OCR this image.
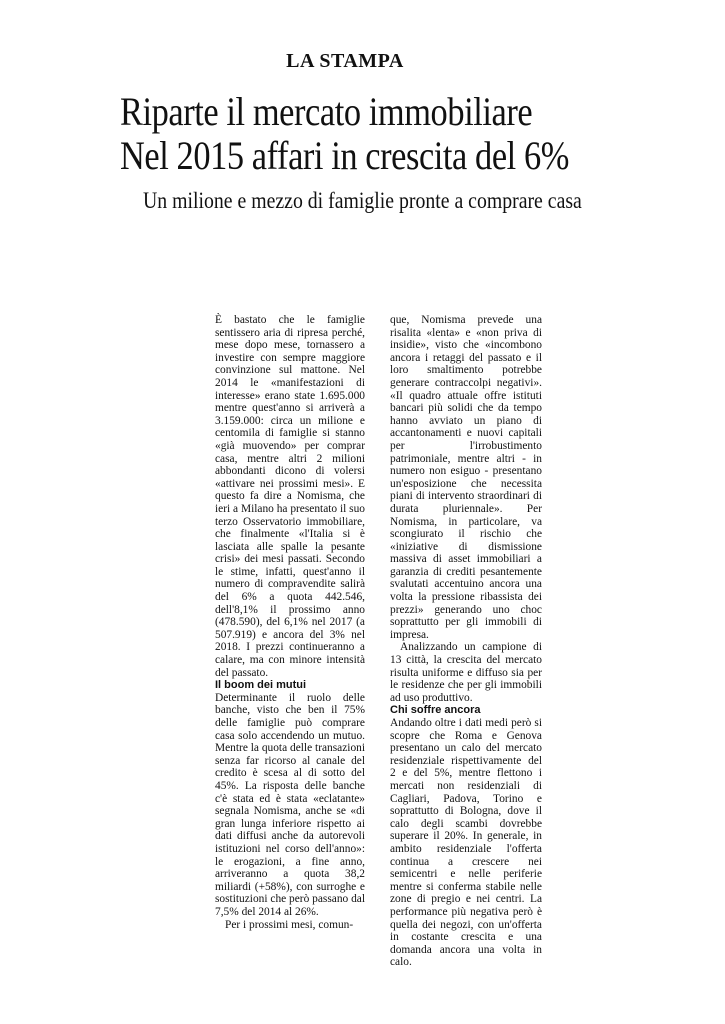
LA STAMPA
Riparte il mercato immobiliare
Nel 2015 affari in crescita del 6%
Un milione e mezzo di famiglie pronte a comprare casa

È bastato che le famiglie sentissero aria di ripresa perché, mese dopo mese, tornassero a investire con sempre maggiore convinzione sul mattone. Nel 2014 le «manifestazioni di interesse» erano state 1.695.000 mentre quest'anno si arriverà a 3.159.000: circa un milione e centomila di famiglie si stanno «già muovendo» per comprar casa, mentre altri 2 milioni abbondanti dicono di volersi «attivare nei prossimi mesi». E questo fa dire a Nomisma, che ieri a Milano ha presentato il suo terzo Osservatorio immobiliare, che finalmente «l'Italia si è lasciata alle spalle la pesante crisi» dei mesi passati. Secondo le stime, infatti, quest'anno il numero di compravendite salirà del 6% a quota 442.546, dell'8,1% il prossimo anno (478.590), del 6,1% nel 2017 (a 507.919) e ancora del 3% nel 2018. I prezzi continueranno a calare, ma con minore intensità del passato.

Il boom dei mutui

Determinante il ruolo delle banche, visto che ben il 75% delle famiglie può comprare casa solo accendendo un mutuo. Mentre la quota delle transazioni senza far ricorso al canale del credito è scesa al di sotto del 45%. La risposta delle banche c'è stata ed è stata «eclatante» segnala Nomisma, anche se «di gran lunga inferiore rispetto ai dati diffusi anche da autorevoli istituzioni nel corso dell'anno»: le erogazioni, a fine anno, arriveranno a quota 38,2 miliardi (+58%), con surroghe e sostituzioni che però passano dal 7,5% del 2014 al 26%.

Per i prossimi mesi, comun-

que, Nomisma prevede una risalita «lenta» e «non priva di insidie», visto che «incombono ancora i retaggi del passato e il loro smaltimento potrebbe generare contraccolpi negativi». «Il quadro attuale offre istituti bancari più solidi che da tempo hanno avviato un piano di accantonamenti e nuovi capitali per l'irrobustimento patrimoniale, mentre altri - in numero non esiguo - presentano un'esposizione che necessita piani di intervento straordinari di durata pluriennale». Per Nomisma, in particolare, va scongiurato il rischio che «iniziative di dismissione massiva di asset immobiliari a garanzia di crediti pesantemente svalutati accentuino ancora una volta la pressione ribassista dei prezzi» generando uno choc soprattutto per gli immobili di impresa.

Analizzando un campione di 13 città, la crescita del mercato risulta uniforme e diffuso sia per le residenze che per gli immobili ad uso produttivo.

Chi soffre ancora

Andando oltre i dati medi però si scopre che Roma e Genova presentano un calo del mercato residenziale rispettivamente del 2 e del 5%, mentre flettono i mercati non residenziali di Cagliari, Padova, Torino e soprattutto di Bologna, dove il calo degli scambi dovrebbe superare il 20%. In generale, in ambito residenziale l'offerta continua a crescere nei semicentri e nelle periferie mentre si conferma stabile nelle zone di pregio e nei centri. La performance più negativa però è quella dei negozi, con un'offerta in costante crescita e una domanda ancora una volta in calo.
